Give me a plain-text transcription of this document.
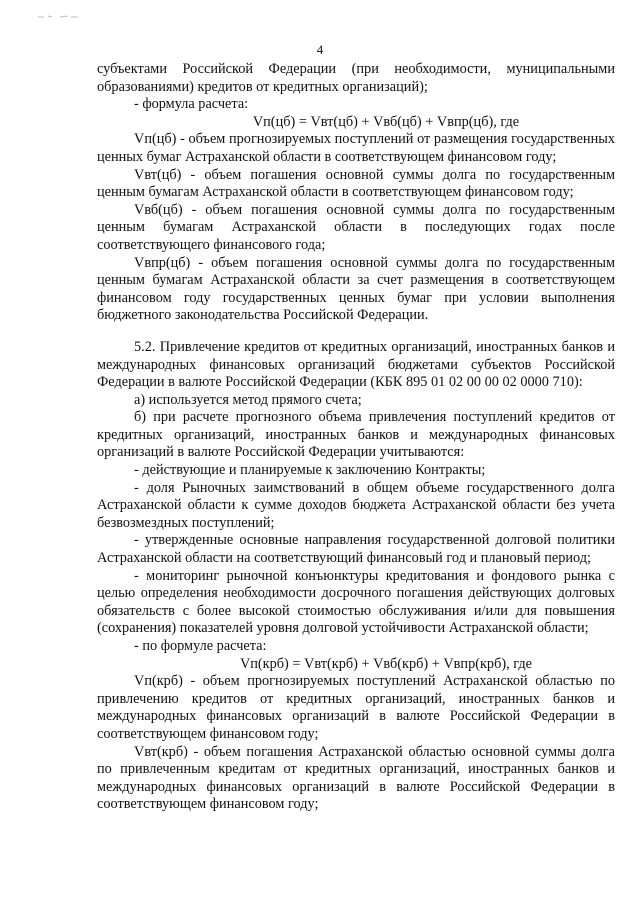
4

субъектами Российской Федерации (при необходимости, муниципальными образованиями) кредитов от кредитных организаций);

- формула расчета:

Vп(цб) = Vвт(цб) + Vвб(цб) + Vвпр(цб), где

Vп(цб) - объем прогнозируемых поступлений от размещения государственных ценных бумаг Астраханской области в соответствующем финансовом году;

Vвт(цб) - объем погашения основной суммы долга по государственным ценным бумагам Астраханской области в соответствующем финансовом году;

Vвб(цб) - объем погашения основной суммы долга по государственным ценным бумагам Астраханской области в последующих годах после соответствующего финансового года;

Vвпр(цб) - объем погашения основной суммы долга по государственным ценным бумагам Астраханской области за счет размещения в соответствующем финансовом году государственных ценных бумаг при условии выполнения бюджетного законодательства Российской Федерации.

5.2. Привлечение кредитов от кредитных организаций, иностранных банков и международных финансовых организаций бюджетами субъектов Российской Федерации в валюте Российской Федерации (КБК 895 01 02 00 00 02 0000 710):

а) используется метод прямого счета;

б) при расчете прогнозного объема привлечения поступлений кредитов от кредитных организаций, иностранных банков и международных финансовых организаций в валюте Российской Федерации учитываются:

- действующие и планируемые к заключению Контракты;

- доля Рыночных заимствований в общем объеме государственного долга Астраханской области к сумме доходов бюджета Астраханской области без учета безвозмездных поступлений;

- утвержденные основные направления государственной долговой политики Астраханской области на соответствующий финансовый год и плановый период;

- мониторинг рыночной конъюнктуры кредитования и фондового рынка с целью определения необходимости досрочного погашения действующих долговых обязательств с более высокой стоимостью обслуживания и/или для повышения (сохранения) показателей уровня долговой устойчивости Астраханской области;

- по формуле расчета:

Vп(крб) = Vвт(крб) + Vвб(крб) + Vвпр(крб), где

Vп(крб) - объем прогнозируемых поступлений Астраханской областью по привлечению кредитов от кредитных организаций, иностранных банков и международных финансовых организаций в валюте Российской Федерации в соответствующем финансовом году;

Vвт(крб) - объем погашения Астраханской областью основной суммы долга по привлеченным кредитам от кредитных организаций, иностранных банков и международных финансовых организаций в валюте Российской Федерации в соответствующем финансовом году;
